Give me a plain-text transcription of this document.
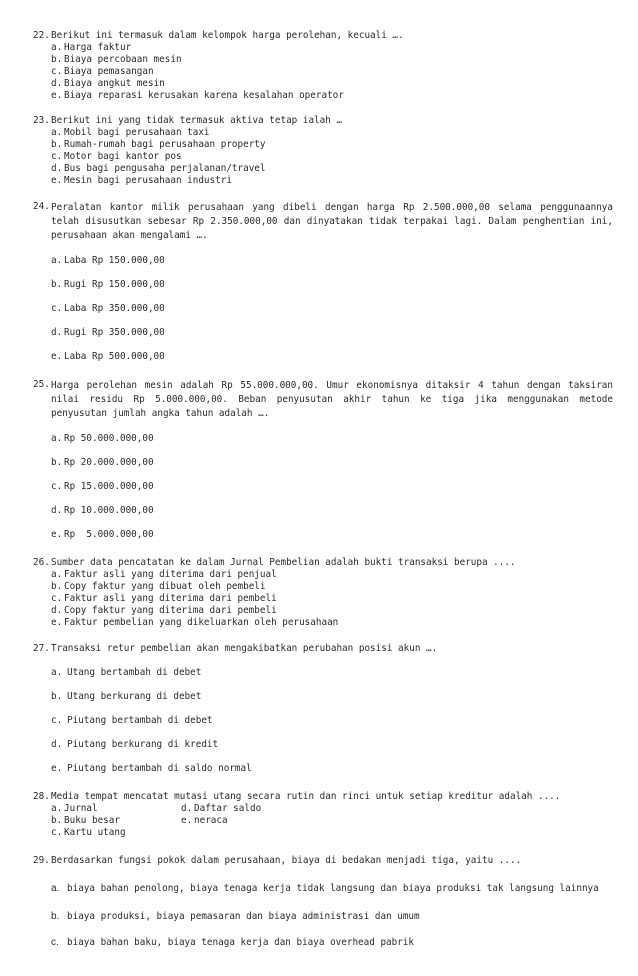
22. Berikut ini termasuk dalam kelompok harga perolehan, kecuali ….
a. Harga faktur
b. Biaya percobaan mesin
c. Biaya pemasangan
d. Biaya angkut mesin
e. Biaya reparasi kerusakan karena kesalahan operator
23. Berikut ini yang tidak termasuk aktiva tetap ialah …
a. Mobil bagi perusahaan taxi
b. Rumah-rumah bagi perusahaan property
c. Motor bagi kantor pos
d. Bus bagi pengusaha perjalanan/travel
e. Mesin bagi perusahaan industri
24. Peralatan kantor milik perusahaan yang dibeli dengan harga Rp 2.500.000,00 selama penggunaannya telah disusutkan sebesar Rp 2.350.000,00 dan dinyatakan tidak terpakai lagi. Dalam penghentian ini, perusahaan akan mengalami ….
a. Laba Rp 150.000,00
b. Rugi Rp 150.000,00
c. Laba Rp 350.000,00
d. Rugi Rp 350.000,00
e. Laba Rp 500.000,00
25. Harga perolehan mesin adalah Rp 55.000.000,00. Umur ekonomisnya ditaksir 4 tahun dengan taksiran nilai residu Rp 5.000.000,00. Beban penyusutan akhir tahun ke tiga jika menggunakan metode penyusutan jumlah angka tahun adalah ….
a. Rp 50.000.000,00
b. Rp 20.000.000,00
c. Rp 15.000.000,00
d. Rp 10.000.000,00
e. Rp  5.000.000,00
26. Sumber data pencatatan ke dalam Jurnal Pembelian adalah bukti transaksi berupa ....
a. Faktur asli yang diterima dari penjual
b. Copy faktur yang dibuat oleh pembeli
c. Faktur asli yang diterima dari pembeli
d. Copy faktur yang diterima dari pembeli
e. Faktur pembelian yang dikeluarkan oleh perusahaan
27. Transaksi retur pembelian akan mengakibatkan perubahan posisi akun ….
a. Utang bertambah di debet
b. Utang berkurang di debet
c. Piutang bertambah di debet
d. Piutang berkurang di kredit
e. Piutang bertambah di saldo normal
28. Media tempat mencatat mutasi utang secara rutin dan rinci untuk setiap kreditur adalah ....
a. Jurnal	d. Daftar saldo
b. Buku besar	e. neraca
c. Kartu utang
29. Berdasarkan fungsi pokok dalam perusahaan, biaya di bedakan menjadi tiga, yaitu ....
a. biaya bahan penolong, biaya tenaga kerja tidak langsung dan biaya produksi tak langsung lainnya
b. biaya produksi, biaya pemasaran dan biaya administrasi dan umum
c. biaya bahan baku, biaya tenaga kerja dan biaya overhead pabrik
